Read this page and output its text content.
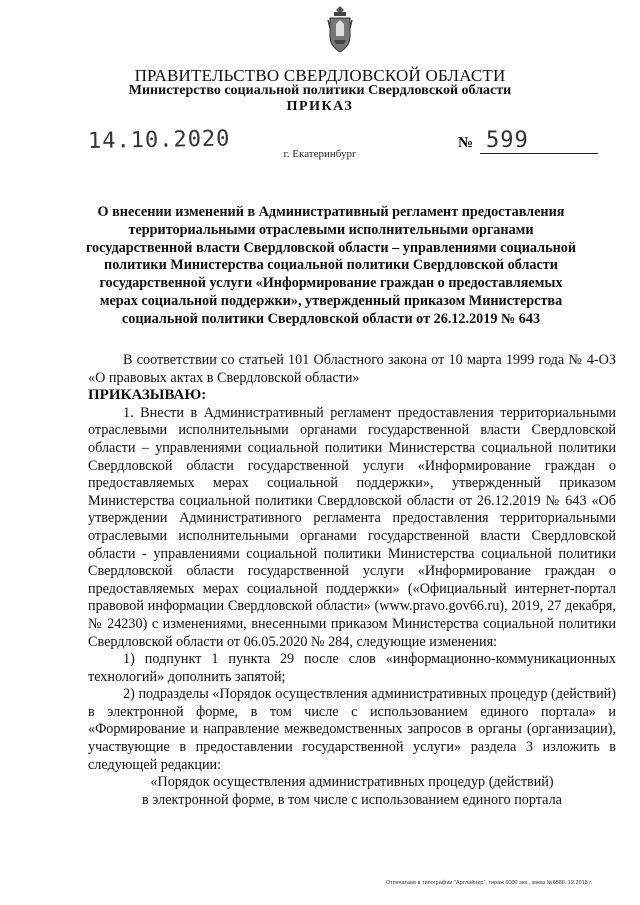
ПРАВИТЕЛЬСТВО СВЕРДЛОВСКОЙ ОБЛАСТИ
Министерство социальной политики Свердловской области
ПРИКАЗ
14.10.2020	№ 599
г. Екатеринбург
О внесении изменений в Административный регламент предоставления территориальными отраслевыми исполнительными органами государственной власти Свердловской области – управлениями социальной политики Министерства социальной политики Свердловской области государственной услуги «Информирование граждан о предоставляемых мерах социальной поддержки», утвержденный приказом Министерства социальной политики Свердловской области от 26.12.2019 № 643

В соответствии со статьей 101 Областного закона от 10 марта 1999 года № 4-ОЗ «О правовых актах в Свердловской области»

ПРИКАЗЫВАЮ:

1. Внести в Административный регламент предоставления территориальными отраслевыми исполнительными органами государственной власти Свердловской области – управлениями социальной политики Министерства социальной политики Свердловской области государственной услуги «Информирование граждан о предоставляемых мерах социальной поддержки», утвержденный приказом Министерства социальной политики Свердловской области от 26.12.2019 № 643 «Об утверждении Административного регламента предоставления территориальными отраслевыми исполнительными органами государственной власти Свердловской области - управлениями социальной политики Министерства социальной политики Свердловской области государственной услуги «Информирование граждан о предоставляемых мерах социальной поддержки» («Официальный интернет-портал правовой информации Свердловской области» (www.pravo.gov66.ru), 2019, 27 декабря, № 24230) с изменениями, внесенными приказом Министерства социальной политики Свердловской области от 06.05.2020 № 284, следующие изменения:

1) подпункт 1 пункта 29 после слов «информационно-коммуникационных технологий» дополнить запятой;

2) подразделы «Порядок осуществления административных процедур (действий) в электронной форме, в том числе с использованием единого портала» и «Формирование и направление межведомственных запросов в органы (организации), участвующие в предоставлении государственной услуги» раздела 3 изложить в следующей редакции:

«Порядок осуществления административных процедур (действий)

в электронной форме, в том числе с использованием единого портала

Отпечатано в типографии "Артлайнер", тираж 6000 экз., заказ №6586. 12.2018 г.
